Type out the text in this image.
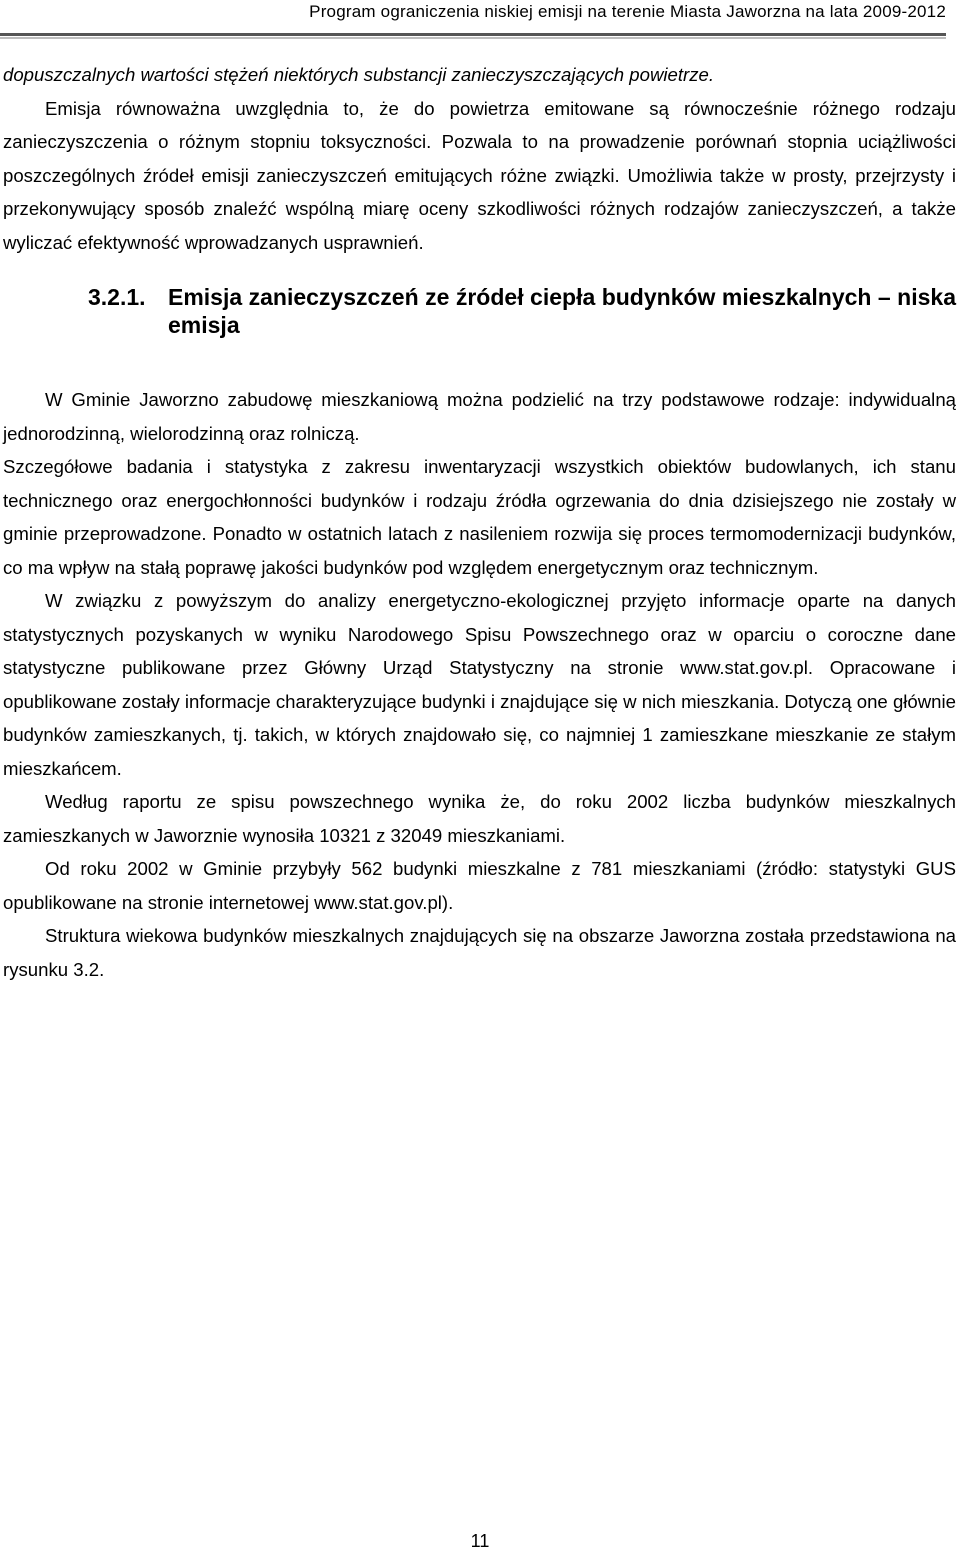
Program ograniczenia niskiej emisji na terenie Miasta Jaworzna na lata 2009-2012

dopuszczalnych wartości stężeń niektórych substancji zanieczyszczających powietrze.

Emisja równoważna uwzględnia to, że do powietrza emitowane są równocześnie różnego rodzaju zanieczyszczenia o różnym stopniu toksyczności. Pozwala to na prowadzenie porównań stopnia uciążliwości poszczególnych źródeł emisji zanieczyszczeń emitujących różne związki. Umożliwia także w prosty, przejrzysty i przekonywujący sposób znaleźć wspólną miarę oceny szkodliwości różnych rodzajów zanieczyszczeń, a także wyliczać efektywność wprowadzanych usprawnień.

3.2.1. Emisja zanieczyszczeń ze źródeł ciepła budynków mieszkalnych – niska emisja

W Gminie Jaworzno zabudowę mieszkaniową można podzielić na trzy podstawowe rodzaje: indywidualną jednorodzinną, wielorodzinną oraz rolniczą.

Szczegółowe badania i statystyka z zakresu inwentaryzacji wszystkich obiektów budowlanych, ich stanu technicznego oraz energochłonności budynków i rodzaju źródła ogrzewania do dnia dzisiejszego nie zostały w gminie przeprowadzone. Ponadto w ostatnich latach z nasileniem rozwija się proces termomodernizacji budynków, co ma wpływ na stałą poprawę jakości budynków pod względem energetycznym oraz technicznym.

W związku z powyższym do analizy energetyczno-ekologicznej przyjęto informacje oparte na danych statystycznych pozyskanych w wyniku Narodowego Spisu Powszechnego oraz w oparciu o coroczne dane statystyczne publikowane przez Główny Urząd Statystyczny na stronie www.stat.gov.pl. Opracowane i opublikowane zostały informacje charakteryzujące budynki i znajdujące się w nich mieszkania. Dotyczą one głównie budynków zamieszkanych, tj. takich, w których znajdowało się, co najmniej 1 zamieszkane mieszkanie ze stałym mieszkańcem.

Według raportu ze spisu powszechnego wynika że, do roku 2002 liczba budynków mieszkalnych zamieszkanych w Jaworznie wynosiła 10321 z 32049 mieszkaniami.

Od roku 2002 w Gminie przybyły 562 budynki mieszkalne z 781 mieszkaniami (źródło: statystyki GUS opublikowane na stronie internetowej www.stat.gov.pl).

Struktura wiekowa budynków mieszkalnych znajdujących się na obszarze Jaworzna została przedstawiona na rysunku 3.2.

11
